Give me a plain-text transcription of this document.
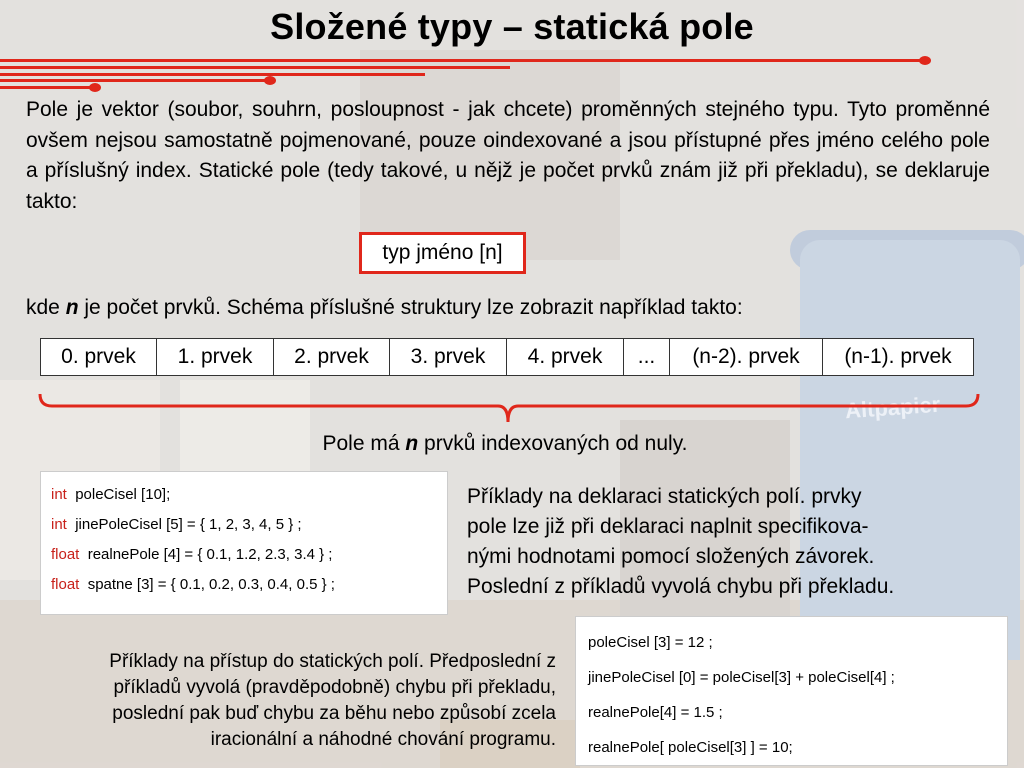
Altpapier
Složené typy – statická pole
Pole je vektor (soubor, souhrn, posloupnost - jak chcete) proměnných stejného typu. Tyto proměnné ovšem nejsou samostatně pojmenované, pouze oindexované a jsou přístupné přes jméno celého pole a příslušný index. Statické pole (tedy takové, u nějž je počet prvků znám již při překladu), se deklaruje takto:
typ jméno [n]
kde n je počet prvků. Schéma příslušné struktury lze zobrazit například takto:
0. prvek	1. prvek	2. prvek	3. prvek	4. prvek	...	(n-2). prvek	(n-1). prvek
Pole má n prvků indexovaných od nuly.
int poleCisel [10];
int jinePoleCisel [5] = { 1, 2, 3, 4, 5 } ;
float realnePole [4] = { 0.1, 1.2, 2.3, 3.4 } ;
float spatne [3] = { 0.1, 0.2, 0.3, 0.4, 0.5 } ;
Příklady na deklaraci statických polí. prvky
pole lze již při deklaraci naplnit specifikova-
nými hodnotami pomocí složených závorek.
Poslední z příkladů vyvolá chybu při překladu.
poleCisel [3] = 12 ;
jinePoleCisel [0] = poleCisel[3] + poleCisel[4] ;
realnePole[4] = 1.5 ;
realnePole[ poleCisel[3] ] = 10;
Příklady na přístup do statických polí. Předposlední z
příkladů vyvolá (pravděpodobně) chybu při překladu,
poslední pak buď chybu za běhu nebo způsobí zcela
iracionální a náhodné chování programu.
